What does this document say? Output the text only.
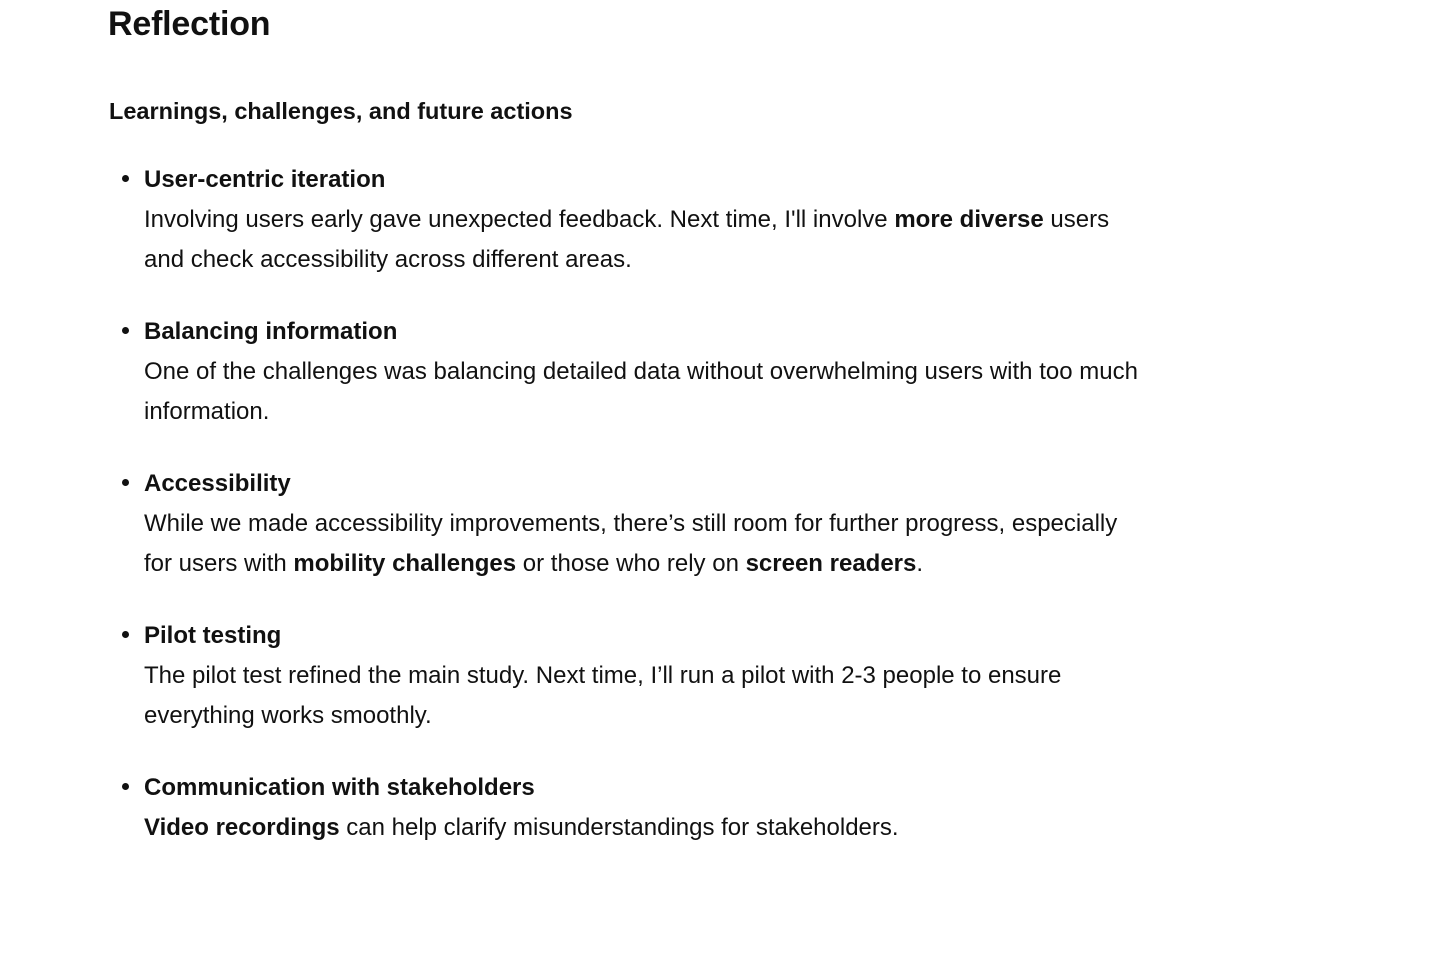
Reflection
Learnings, challenges, and future actions
User-centric iteration
Involving users early gave unexpected feedback. Next time, I'll involve more diverse users and check accessibility across different areas.
Balancing information
One of the challenges was balancing detailed data without overwhelming users with too much information.
Accessibility
While we made accessibility improvements, there’s still room for further progress, especially for users with mobility challenges or those who rely on screen readers.
Pilot testing
The pilot test refined the main study. Next time, I’ll run a pilot with 2-3 people to ensure everything works smoothly.
Communication with stakeholders
Video recordings can help clarify misunderstandings for stakeholders.
